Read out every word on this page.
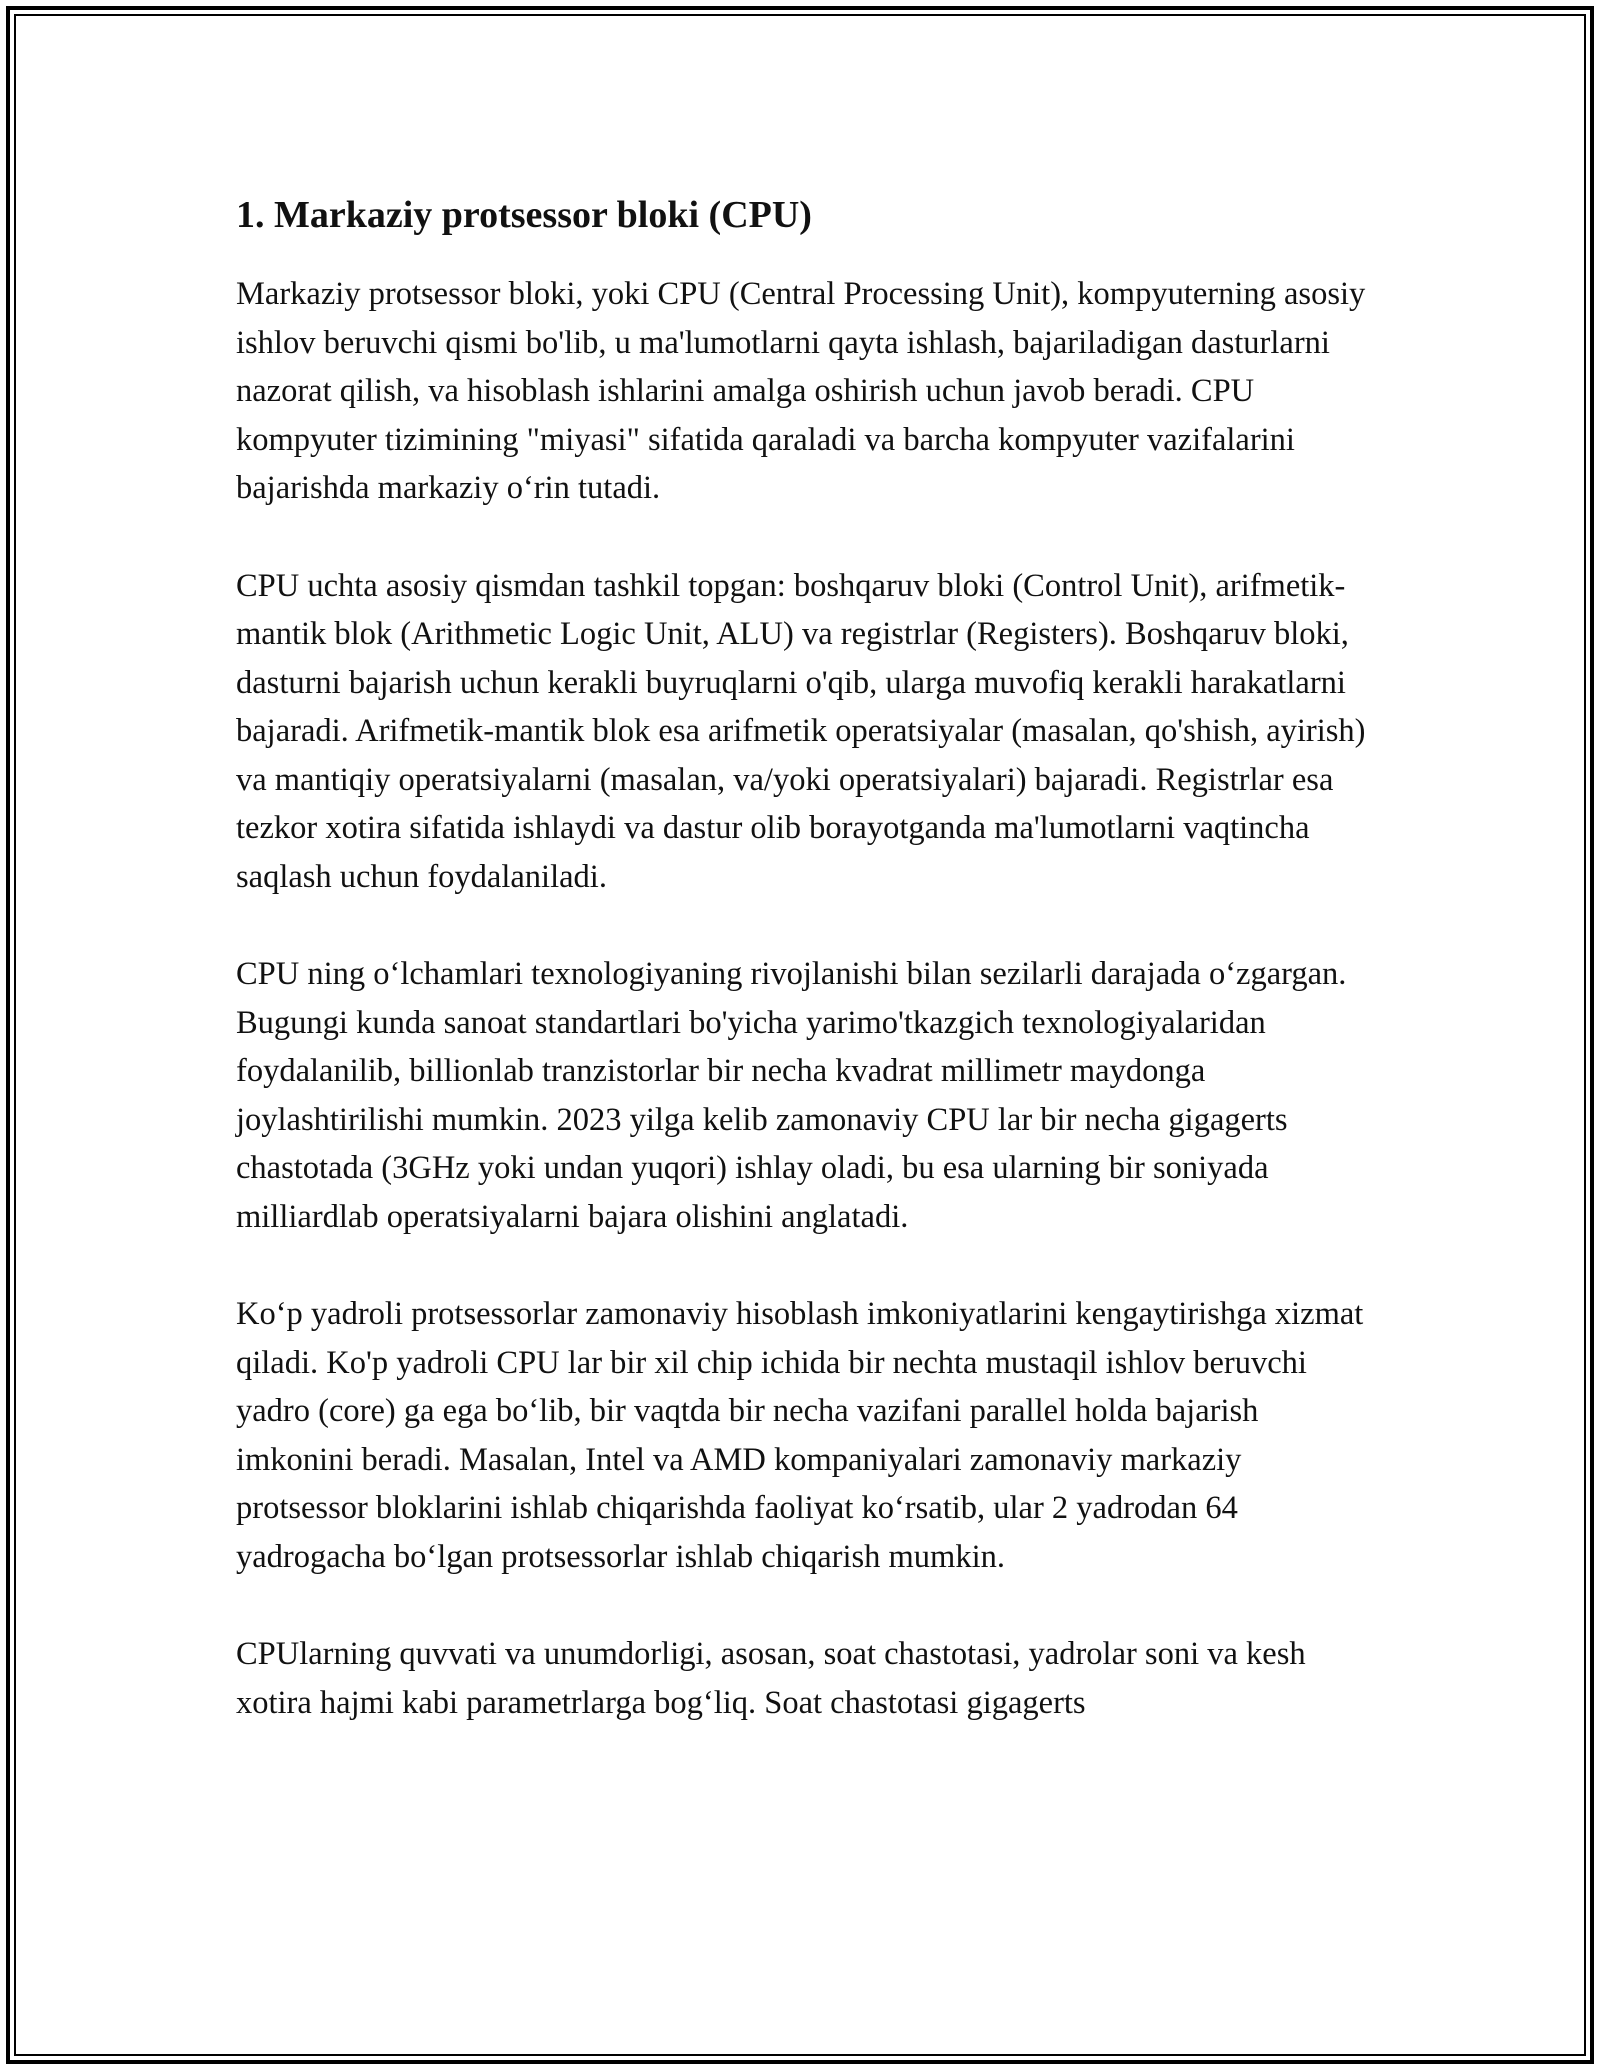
1. Markaziy protsessor bloki (CPU)

Markaziy protsessor bloki, yoki CPU (Central Processing Unit), kompyuterning asosiy ishlov beruvchi qismi bo'lib, u ma'lumotlarni qayta ishlash, bajariladigan dasturlarni nazorat qilish, va hisoblash ishlarini amalga oshirish uchun javob beradi. CPU kompyuter tizimining "miyasi" sifatida qaraladi va barcha kompyuter vazifalarini bajarishda markaziy o‘rin tutadi.

CPU uchta asosiy qismdan tashkil topgan: boshqaruv bloki (Control Unit), arifmetik-mantik blok (Arithmetic Logic Unit, ALU) va registrlar (Registers). Boshqaruv bloki, dasturni bajarish uchun kerakli buyruqlarni o'qib, ularga muvofiq kerakli harakatlarni bajaradi. Arifmetik-mantik blok esa arifmetik operatsiyalar (masalan, qo'shish, ayirish) va mantiqiy operatsiyalarni (masalan, va/yoki operatsiyalari) bajaradi. Registrlar esa tezkor xotira sifatida ishlaydi va dastur olib borayotganda ma'lumotlarni vaqtincha saqlash uchun foydalaniladi.

CPU ning o‘lchamlari texnologiyaning rivojlanishi bilan sezilarli darajada o‘zgargan. Bugungi kunda sanoat standartlari bo'yicha yarimo'tkazgich texnologiyalaridan foydalanilib, billionlab tranzistorlar bir necha kvadrat millimetr maydonga joylashtirilishi mumkin. 2023 yilga kelib zamonaviy CPU lar bir necha gigagerts chastotada (3GHz yoki undan yuqori) ishlay oladi, bu esa ularning bir soniyada milliardlab operatsiyalarni bajara olishini anglatadi.

Ko‘p yadroli protsessorlar zamonaviy hisoblash imkoniyatlarini kengaytirishga xizmat qiladi. Ko'p yadroli CPU lar bir xil chip ichida bir nechta mustaqil ishlov beruvchi yadro (core) ga ega bo‘lib, bir vaqtda bir necha vazifani parallel holda bajarish imkonini beradi. Masalan, Intel va AMD kompaniyalari zamonaviy markaziy protsessor bloklarini ishlab chiqarishda faoliyat ko‘rsatib, ular 2 yadrodan 64 yadrogacha bo‘lgan protsessorlar ishlab chiqarish mumkin.

CPUlarning quvvati va unumdorligi, asosan, soat chastotasi, yadrolar soni va kesh xotira hajmi kabi parametrlarga bog‘liq. Soat chastotasi gigagerts
